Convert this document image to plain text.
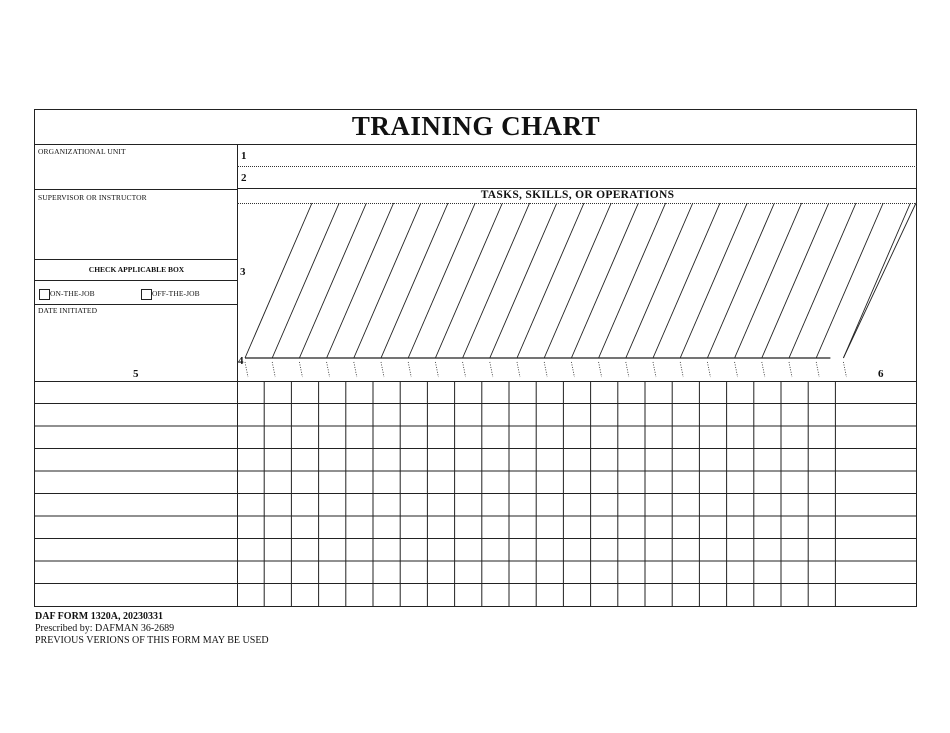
TRAINING CHART
ORGANIZATIONAL UNIT
SUPERVISOR OR INSTRUCTOR
CHECK APPLICABLE BOX
ON-THE-JOB	OFF-THE-JOB
DATE INITIATED
5
1
2
TASKS, SKILLS, OR OPERATIONS
3
4
6
DAF FORM 1320A, 20230331
Prescribed by: DAFMAN 36-2689
PREVIOUS VERIONS OF THIS FORM MAY BE USED
